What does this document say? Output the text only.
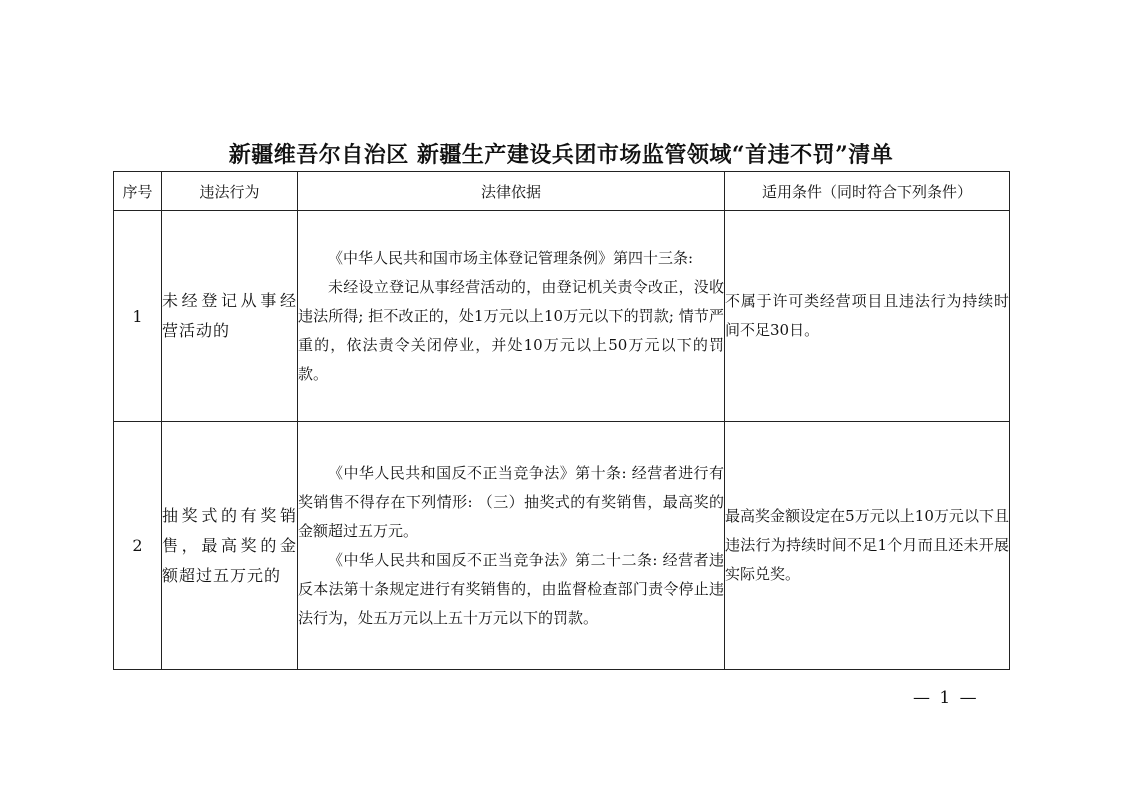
新疆维吾尔自治区 新疆生产建设兵团市场监管领域“首违不罚”清单
序号	违法行为	法律依据	适用条件（同时符合下列条件）
1	未经登记从事经营活动的	《中华人民共和国市场主体登记管理条例》第四十三条:

未经设立登记从事经营活动的，由登记机关责令改正，没收违法所得; 拒不改正的，处1万元以上10万元以下的罚款; 情节严重的，依法责令关闭停业，并处10万元以上50万元以下的罚款。	不属于许可类经营项目且违法行为持续时间不足30日。
2	抽奖式的有奖销售，最高奖的金额超过五万元的	《中华人民共和国反不正当竞争法》第十条: 经营者进行有奖销售不得存在下列情形: （三）抽奖式的有奖销售，最高奖的金额超过五万元。

《中华人民共和国反不正当竞争法》第二十二条: 经营者违反本法第十条规定进行有奖销售的，由监督检查部门责令停止违法行为，处五万元以上五十万元以下的罚款。	最高奖金额设定在5万元以上10万元以下且违法行为持续时间不足1个月而且还未开展实际兑奖。
— 1 —
